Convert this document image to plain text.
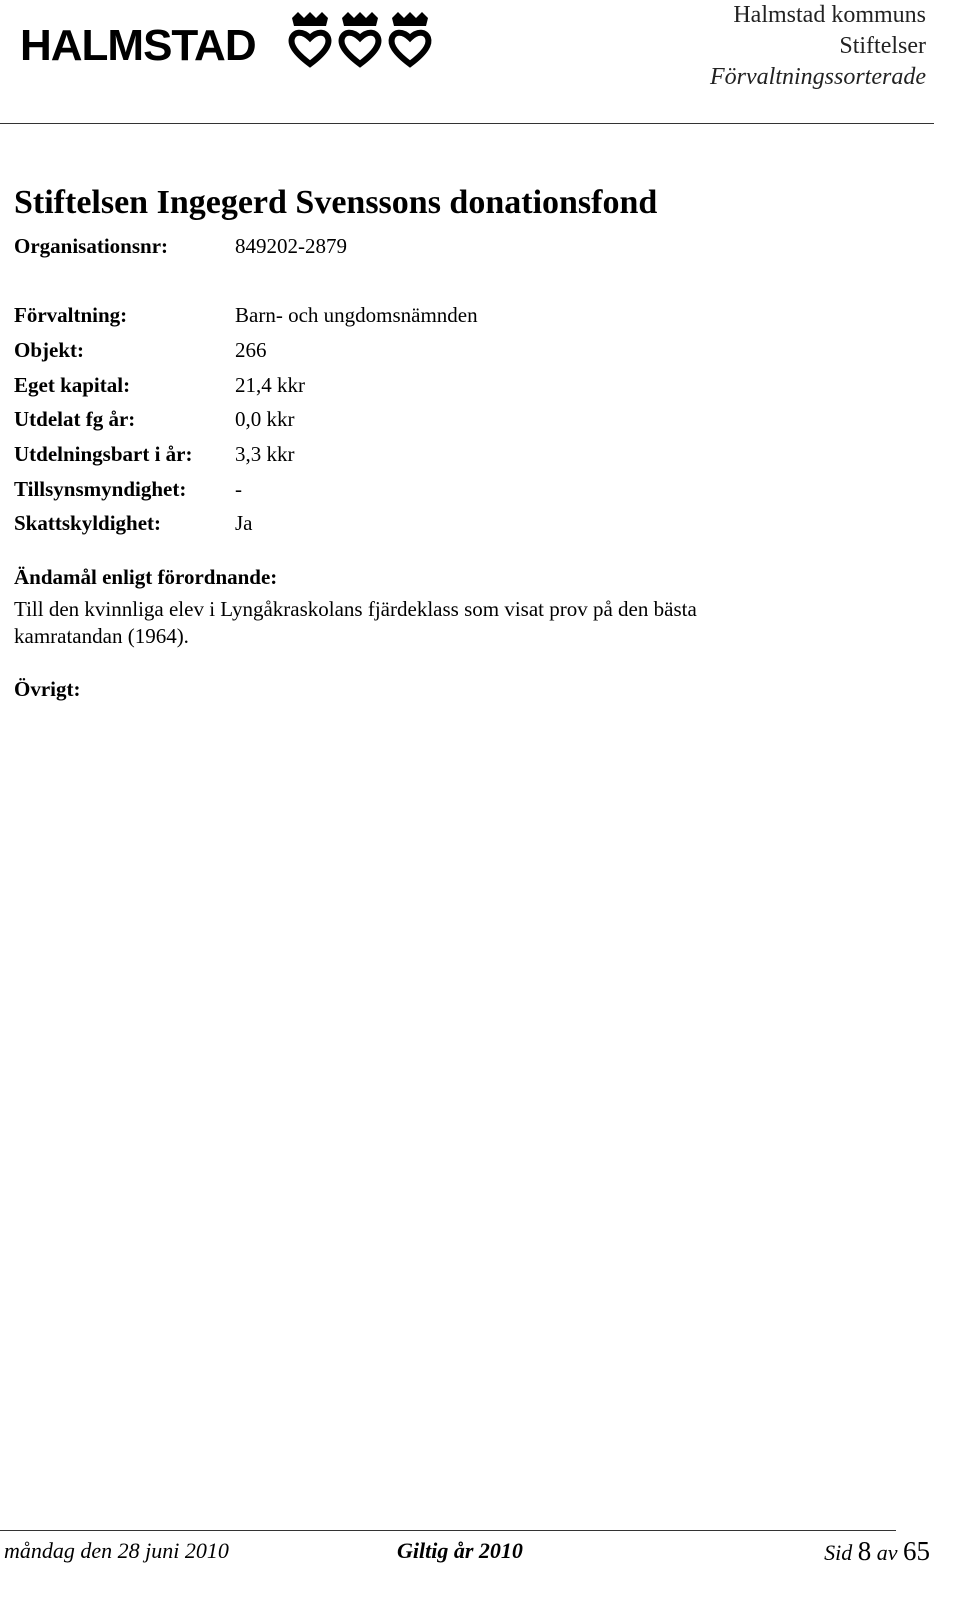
HALMSTAD
Halmstad kommuns
Stiftelser
Förvaltningssorterade
Stiftelsen Ingegerd Svenssons donationsfond
Organisationsnr:	849202-2879
Förvaltning:	Barn- och ungdomsnämnden
Objekt:	266
Eget kapital:	21,4 kkr
Utdelat fg år:	0,0 kkr
Utdelningsbart i år: 3,3 kkr
Tillsynsmyndighet: -
Skattskyldighet:	Ja
Ändamål enligt förordnande:
Till den kvinnliga elev i Lyngåkraskolans fjärdeklass som visat prov på den bästa kamratandan (1964).
Övrigt:
måndag den 28 juni 2010	Giltig år 2010	Sid 8 av 65
